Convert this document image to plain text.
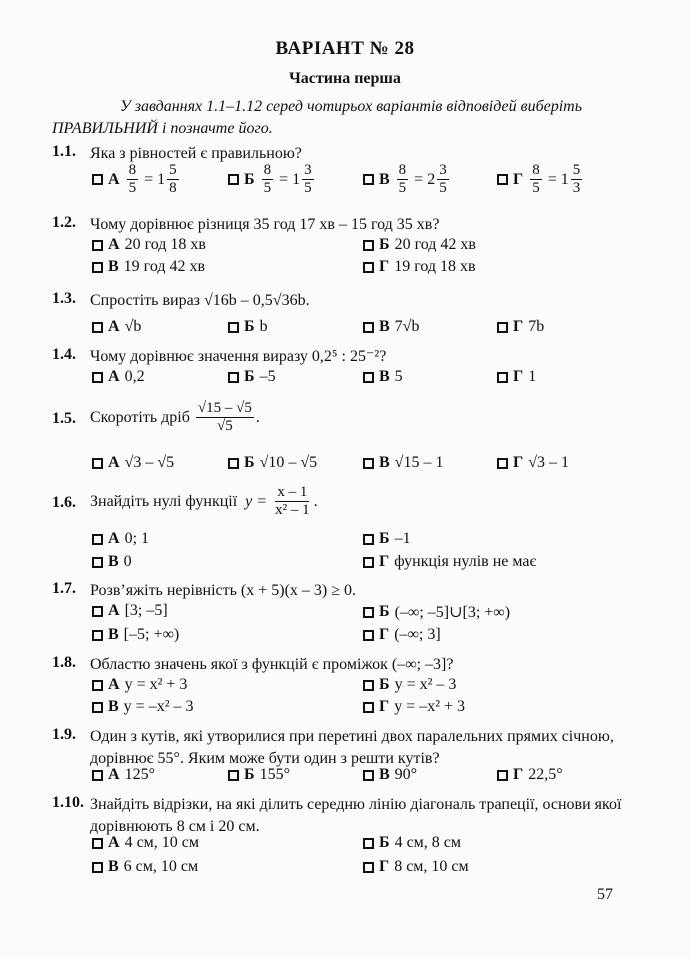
ВАРІАНТ № 28
Частина перша
У завданнях 1.1–1.12 серед чотирьох варіантів відповідей виберіть ПРАВИЛЬНИЙ і позначте його.
1.1. Яка з рівностей є правильною?
А $\frac{8}{5} = 1 \frac{5}{8}$	Б $\frac{8}{5} = 1 \frac{3}{5}$	В $\frac{8}{5} = 2 \frac{3}{5}$	Г $\frac{8}{5} = 1 \frac{5}{3}$
1.2. Чому дорівнює різниця 35 год 17 хв – 15 год 35 хв?
А 20 год 18 хв	Б 20 год 42 хв
В 19 год 42 хв	Г 19 год 18 хв
1.3. Спростіть вираз √16b – 0,5√36b.
А √b	Б b	В 7√b	Г 7b
1.4. Чому дорівнює значення виразу 0,2⁵ : 25⁻²?
А 0,2	Б –5	В 5	Г 1
1.5. Скоротіть дріб
$\frac{√15 - √5}{√5}$ .
А √3 – √5	Б √10 – √5	В √15 – 1	Г √3 – 1
1.6. Знайдіть нулі функції
y =
$\frac{x - 1}{\text{x² – 1}}$ .
А 0; 1	Б –1
В 0	Г функція нулів не має
1.7. Розв’яжіть нерівність (x + 5)(x – 3) ≥ 0.
А [3; –5]	Б (–∞; –5]∪[3; +∞)
В [–5; +∞)	Г (–∞; 3]
1.8. Областю значень якої з функцій є проміжок (–∞; –3]?
А y = x² + 3	Б y = x² – 3
В y = –x² – 3	Г y = –x² + 3
1.9. Один з кутів, які утворилися при перетині двох паралельних прямих січною, дорівнює 55°. Яким може бути один з решти кутів?
А 125°	Б 155°	В 90°	Г 22,5°
1.10. Знайдіть відрізки, на які ділить середню лінію діагональ трапеції, основи якої дорівнюють 8 см і 20 см.
А 4 см, 10 см	Б 4 см, 8 см
В 6 см, 10 см	Г 8 см, 10 см
57
